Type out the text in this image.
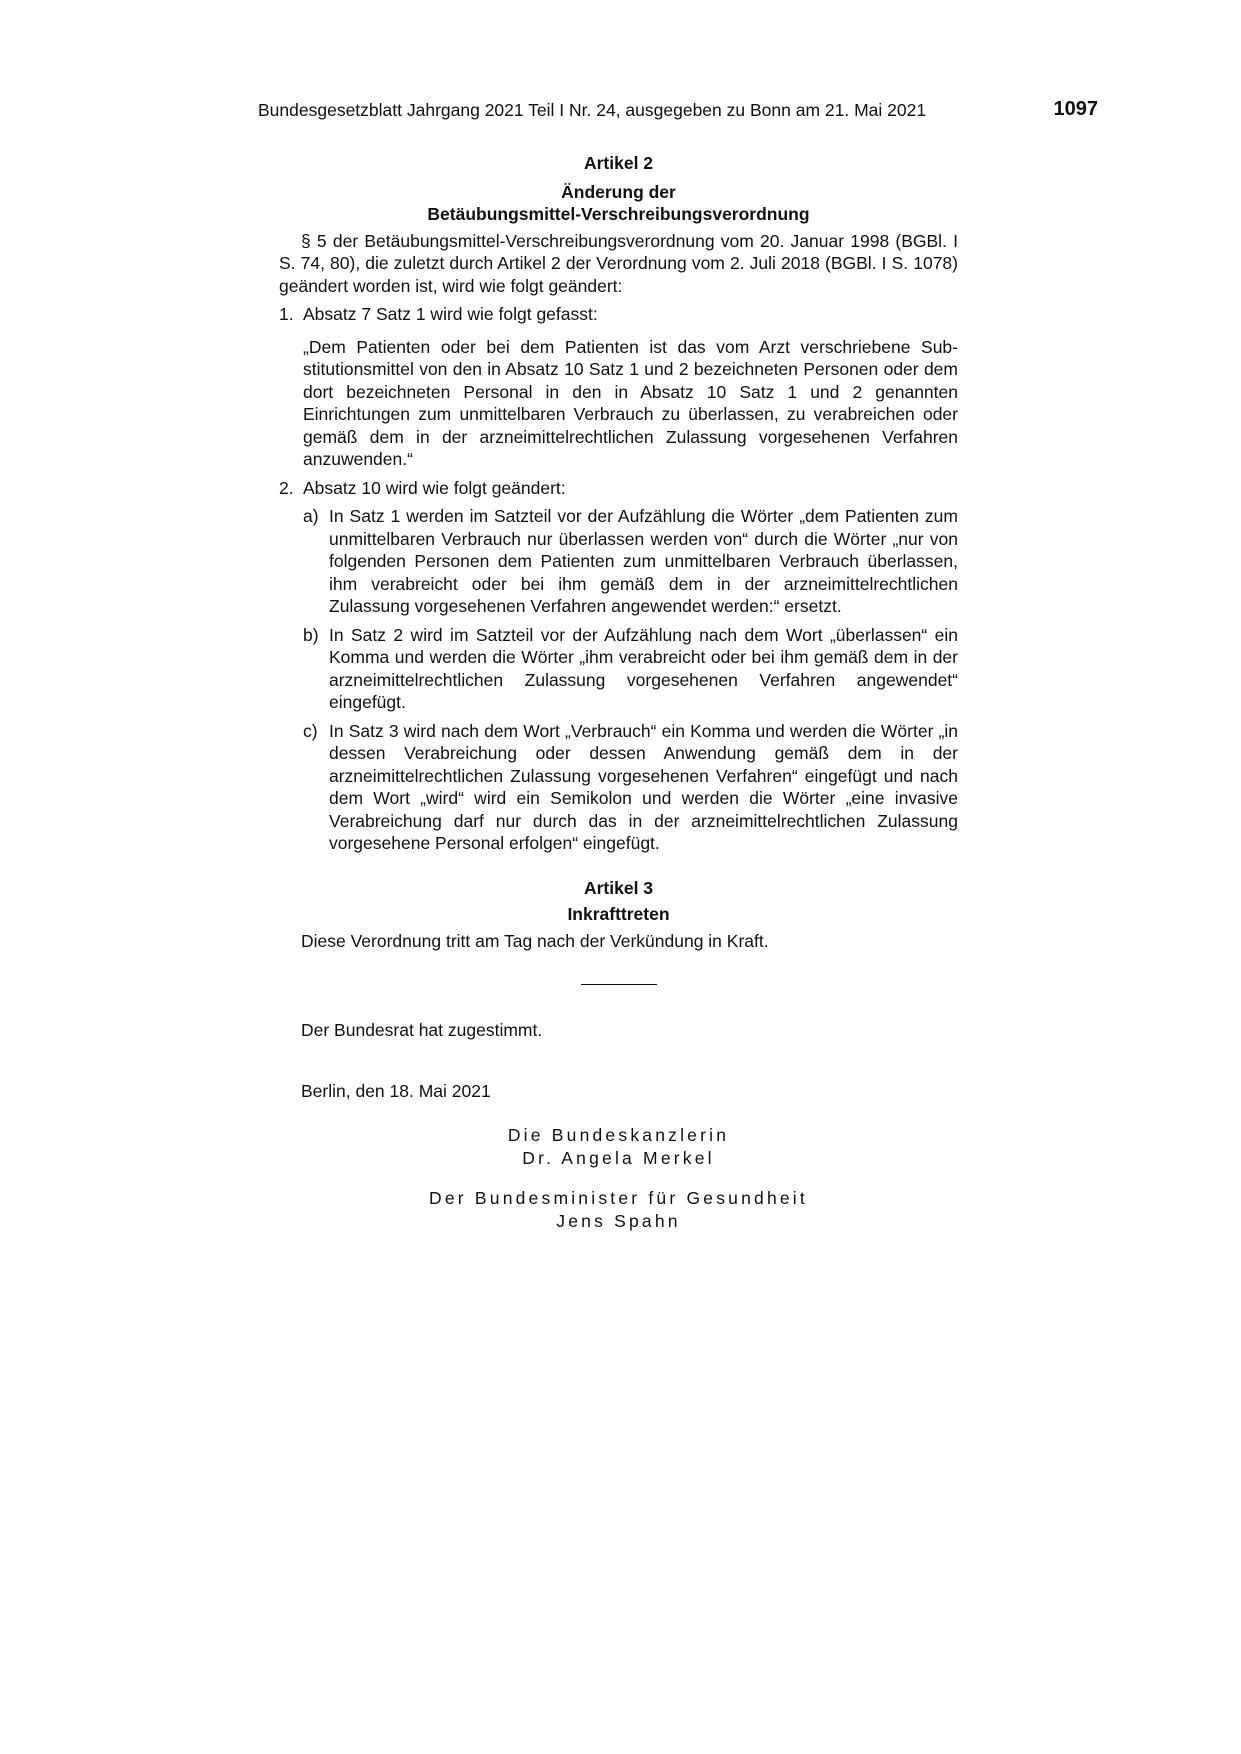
Bundesgesetzblatt Jahrgang 2021 Teil I Nr. 24, ausgegeben zu Bonn am 21. Mai 2021	1097

Artikel 2

Änderung der

Betäubungsmittel-Verschreibungsverordnung

§ 5 der Betäubungsmittel-Verschreibungsverordnung vom 20. Januar 1998 (BGBl. I S. 74, 80), die zuletzt durch Artikel 2 der Verordnung vom 2. Juli 2018 (BGBl. I S. 1078) geändert worden ist, wird wie folgt geändert:

1. Absatz 7 Satz 1 wird wie folgt gefasst:

„Dem Patienten oder bei dem Patienten ist das vom Arzt verschriebene Substitutionsmittel von den in Absatz 10 Satz 1 und 2 bezeichneten Personen oder dem dort bezeichneten Personal in den in Absatz 10 Satz 1 und 2 genannten Einrichtungen zum unmittelbaren Verbrauch zu überlassen, zu verabreichen oder gemäß dem in der arzneimittelrechtlichen Zulassung vorgesehenen Verfahren anzuwenden.“

2. Absatz 10 wird wie folgt geändert:
a) In Satz 1 werden im Satzteil vor der Aufzählung die Wörter „dem Patienten zum unmittelbaren Verbrauch nur überlassen werden von“ durch die Wörter „nur von folgenden Personen dem Patienten zum unmittelbaren Verbrauch überlassen, ihm verabreicht oder bei ihm gemäß dem in der arzneimittelrechtlichen Zulassung vorgesehenen Verfahren angewendet werden:“ ersetzt.
b) In Satz 2 wird im Satzteil vor der Aufzählung nach dem Wort „überlassen“ ein Komma und werden die Wörter „ihm verabreicht oder bei ihm gemäß dem in der arzneimittelrechtlichen Zulassung vorgesehenen Verfahren angewendet“ eingefügt.
c) In Satz 3 wird nach dem Wort „Verbrauch“ ein Komma und werden die Wörter „in dessen Verabreichung oder dessen Anwendung gemäß dem in der arzneimittelrechtlichen Zulassung vorgesehenen Verfahren“ eingefügt und nach dem Wort „wird“ wird ein Semikolon und werden die Wörter „eine invasive Verabreichung darf nur durch das in der arzneimittelrechtlichen Zulassung vorgesehene Personal erfolgen“ eingefügt.

Artikel 3

Inkrafttreten

Diese Verordnung tritt am Tag nach der Verkündung in Kraft.

Der Bundesrat hat zugestimmt.

Berlin, den 18. Mai 2021

Die Bundeskanzlerin
Dr. Angela Merkel
Der Bundesminister für Gesundheit
Jens Spahn
